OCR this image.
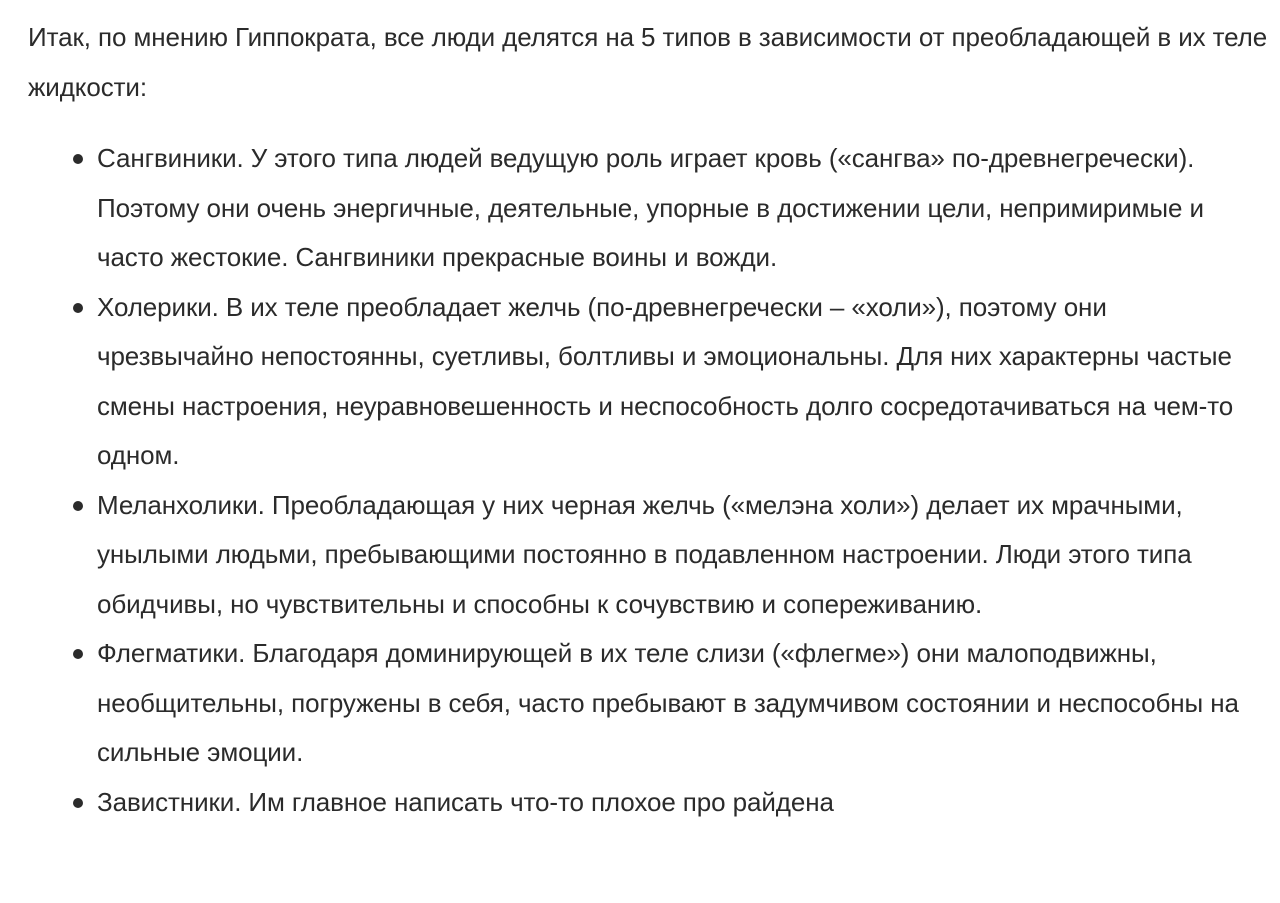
Итак, по мнению Гиппократа, все люди делятся на 5 типов в зависимости от преобладающей в их теле жидкости:

Сангвиники. У этого типа людей ведущую роль играет кровь («сангва» по-древнегречески). Поэтому они очень энергичные, деятельные, упорные в достижении цели, непримиримые и часто жестокие. Сангвиники прекрасные воины и вожди.
Холерики. В их теле преобладает желчь (по-древнегречески – «холи»), поэтому они чрезвычайно непостоянны, суетливы, болтливы и эмоциональны. Для них характерны частые смены настроения, неуравновешенность и неспособность долго сосредотачиваться на чем-то одном.
Меланхолики. Преобладающая у них черная желчь («мелэна холи») делает их мрачными, унылыми людьми, пребывающими постоянно в подавленном настроении. Люди этого типа обидчивы, но чувствительны и способны к сочувствию и сопереживанию.
Флегматики. Благодаря доминирующей в их теле слизи («флегме») они малоподвижны, необщительны, погружены в себя, часто пребывают в задумчивом состоянии и неспособны на сильные эмоции.
Завистники. Им главное написать что-то плохое про райдена
